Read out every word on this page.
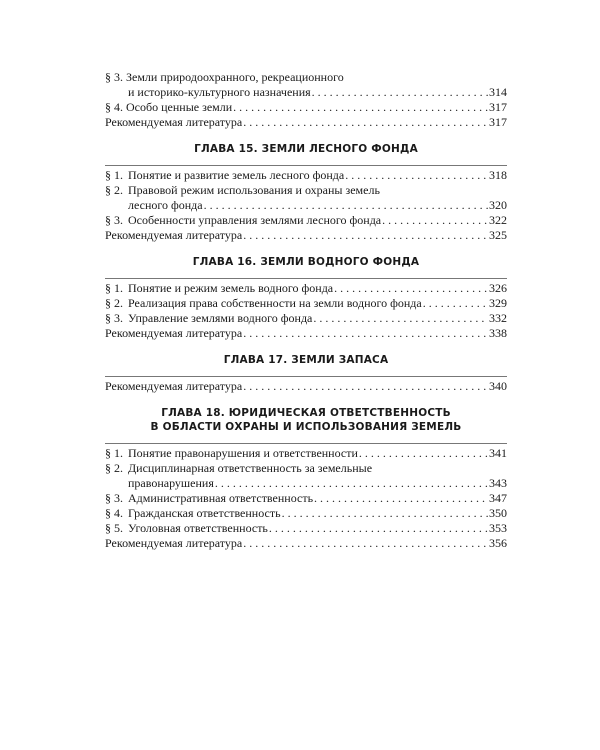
§ 3. Земли природоохранного, рекреационного
и историко-культурного назначения . . .	314
§ 4. Особо ценные земли . . .	317
Рекомендуемая литература . . .	317
ГЛАВА 15. ЗЕМЛИ ЛЕСНОГО ФОНДА
§ 1. Понятие и развитие земель лесного фонда . . .	318
§ 2. Правовой режим использования и охраны земель
лесного фонда . . .	320
§ 3. Особенности управления землями лесного фонда . . .	322
Рекомендуемая литература . . .	325
ГЛАВА 16. ЗЕМЛИ ВОДНОГО ФОНДА
§ 1. Понятие и режим земель водного фонда . . .	326
§ 2. Реализация права собственности на земли водного фонда . . .	329
§ 3. Управление землями водного фонда . . .	332
Рекомендуемая литература . . .	338
ГЛАВА 17. ЗЕМЛИ ЗАПАСА
Рекомендуемая литература . . .	340
ГЛАВА 18. ЮРИДИЧЕСКАЯ ОТВЕТСТВЕННОСТЬ
В ОБЛАСТИ ОХРАНЫ И ИСПОЛЬЗОВАНИЯ ЗЕМЕЛЬ
§ 1. Понятие правонарушения и ответственности . . .	341
§ 2. Дисциплинарная ответственность за земельные
правонарушения . . .	343
§ 3. Административная ответственность . . .	347
§ 4. Гражданская ответственность . . .	350
§ 5. Уголовная ответственность . . .	353
Рекомендуемая литература . . .	356
